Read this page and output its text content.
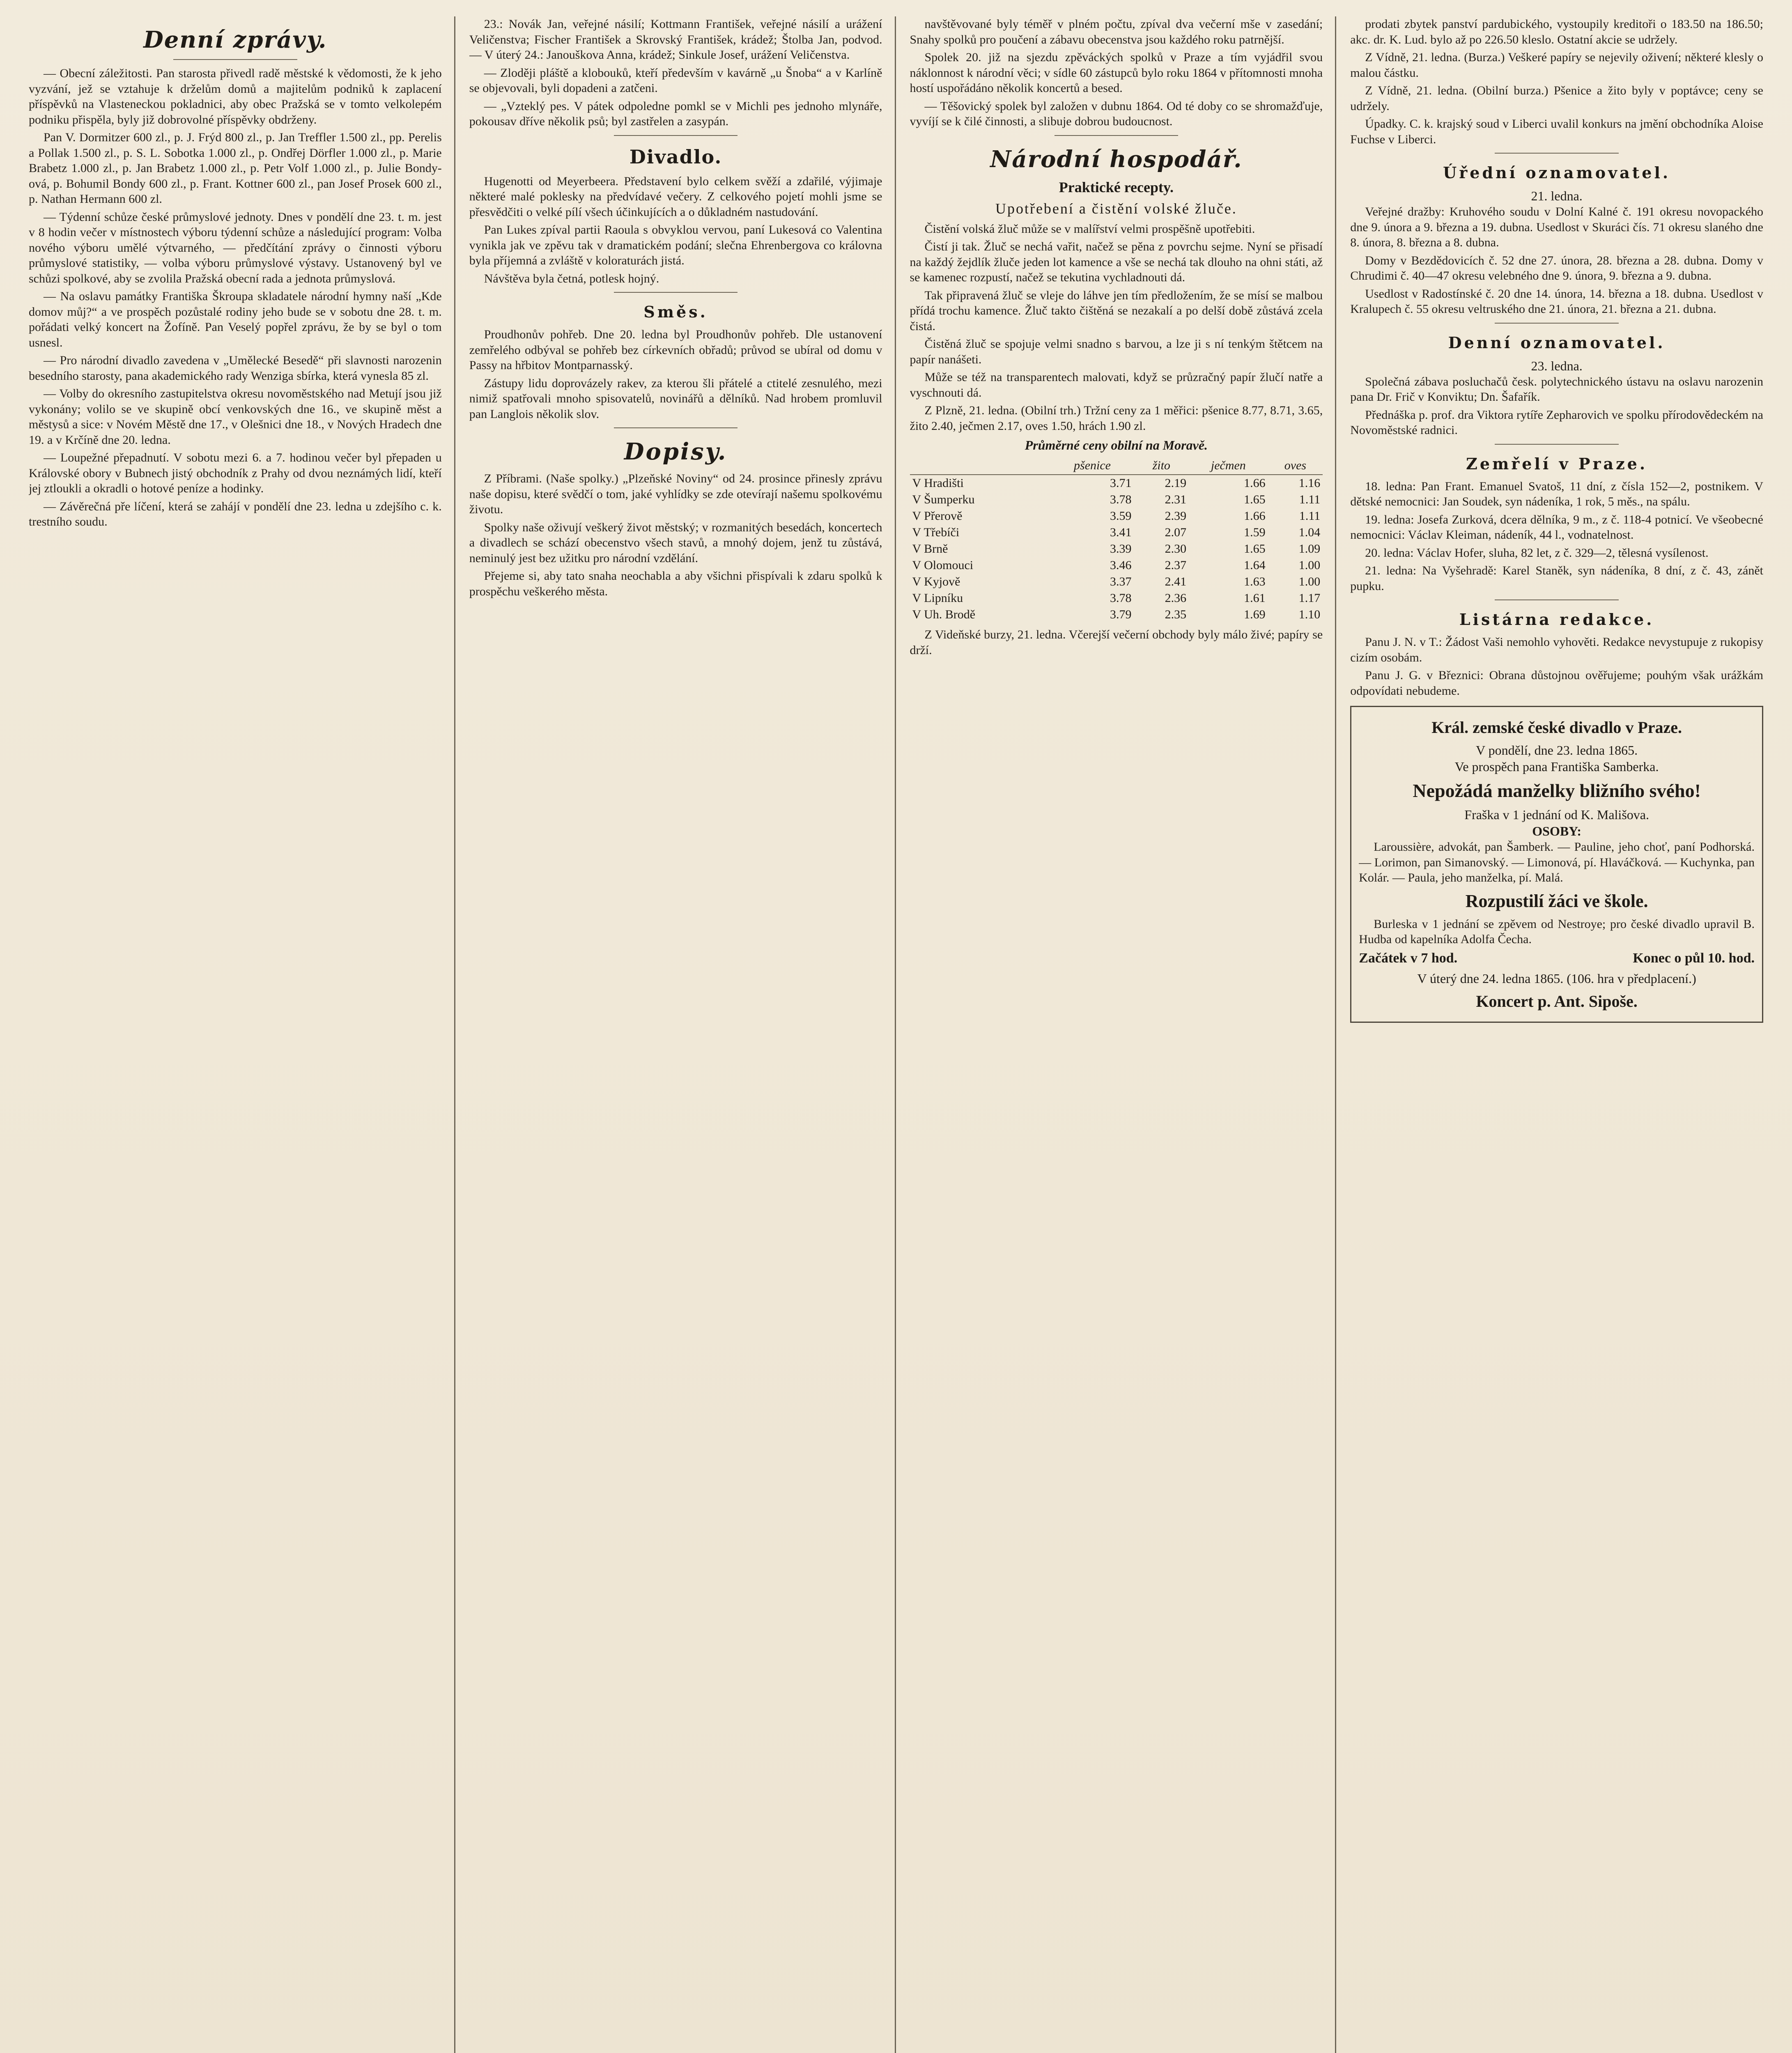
Denní zprávy.

— Obecní záležitosti. Pan starosta přivedl radě městské k vědomosti, že k jeho vyzvání, jež se vztahuje k drželům domů a majitelům podniků k zaplacení příspěvků na Vlasteneckou pokladnici, aby obec Pražská se v tomto velkolepém podniku přispěla, byly již dobrovolné příspěvky obdrženy.

Pan V. Dormitzer 600 zl., p. J. Frýd 800 zl., p. Jan Treffler 1.500 zl., pp. Perelis a Pollak 1.500 zl., p. S. L. Sobotka 1.000 zl., p. Ondřej Dörfler 1.000 zl., p. Marie Brabetz 1.000 zl., p. Jan Brabetz 1.000 zl., p. Petr Volf 1.000 zl., p. Julie Bondy-ová, p. Bohumil Bondy 600 zl., p. Frant. Kottner 600 zl., pan Josef Prosek 600 zl., p. Nathan Hermann 600 zl.

— Týdenní schůze české průmyslové jednoty. Dnes v pondělí dne 23. t. m. jest v 8 hodin večer v místnostech výboru týdenní schůze a následující program: Volba nového výboru umělé výtvarného, — předčítání zprávy o činnosti výboru průmyslové statistiky, — volba výboru průmyslové výstavy. Ustanovený byl ve schůzi spolkové, aby se zvolila Pražská obecní rada a jednota průmyslová.

— Na oslavu památky Františka Škroupa skladatele národní hymny naší „Kde domov můj?“ a ve prospěch pozůstalé rodiny jeho bude se v sobotu dne 28. t. m. pořádati velký koncert na Žofíně. Pan Veselý popřel zprávu, že by se byl o tom usnesl.

— Pro národní divadlo zavedena v „Umělecké Besedě“ při slavnosti narozenin besedního starosty, pana akademického rady Wenziga sbírka, která vynesla 85 zl.

— Volby do okresního zastupitelstva okresu novoměstského nad Metují jsou již vykonány; volilo se ve skupině obcí venkovských dne 16., ve skupině měst a městysů a sice: v Novém Městě dne 17., v Olešnici dne 18., v Nových Hradech dne 19. a v Krčíně dne 20. ledna.

— Loupežné přepadnutí. V sobotu mezi 6. a 7. hodinou večer byl přepaden u Královské obory v Bubnech jistý obchodník z Prahy od dvou neznámých lidí, kteří jej ztloukli a okradli o hotové peníze a hodinky.

— Závěrečná pře líčení, která se zahájí v pondělí dne 23. ledna u zdejšího c. k. trestního soudu.

23.: Novák Jan, veřejné násilí; Kottmann František, veřejné násilí a urážení Veličenstva; Fischer František a Skrovský František, krádež; Štolba Jan, podvod. — V úterý 24.: Janouškova Anna, krádež; Sinkule Josef, urážení Veličenstva.

— Zloději pláště a klobouků, kteří především v kavárně „u Šnoba“ a v Karlíně se objevovali, byli dopadeni a zatčeni.

— „Vzteklý pes. V pátek odpoledne pomkl se v Michli pes jednoho mlynáře, pokousav dříve několik psů; byl zastřelen a zasypán.

Divadlo.

Hugenotti od Meyerbeera. Představení bylo celkem svěží a zdařilé, výjimaje některé malé poklesky na předvídavé večery. Z celkového pojetí mohli jsme se přesvědčiti o velké pílí všech účinkujících a o důkladném nastudování.

Pan Lukes zpíval partii Raoula s obvyklou vervou, paní Lukesová co Valentina vynikla jak ve zpěvu tak v dramatickém podání; slečna Ehrenbergova co královna byla příjemná a zvláště v koloraturách jistá.

Návštěva byla četná, potlesk hojný.

Směs.

Proudhonův pohřeb. Dne 20. ledna byl Proudhonův pohřeb. Dle ustanovení zemřelého odbýval se pohřeb bez církevních obřadů; průvod se ubíral od domu v Passy na hřbitov Montparnasský.

Zástupy lidu doprovázely rakev, za kterou šli přátelé a ctitelé zesnulého, mezi nimiž spatřovali mnoho spisovatelů, novinářů a dělníků. Nad hrobem promluvil pan Langlois několik slov.

Dopisy.

Z Příbrami. (Naše spolky.) „Plzeňské Noviny“ od 24. prosince přinesly zprávu naše dopisu, které svědčí o tom, jaké vyhlídky se zde otevírají našemu spolkovému životu.

Spolky naše oživují veškerý život městský; v rozmanitých besedách, koncertech a divadlech se schází obecenstvo všech stavů, a mnohý dojem, jenž tu zůstává, neminulý jest bez užitku pro národní vzdělání.

Přejeme si, aby tato snaha neochabla a aby všichni přispívali k zdaru spolků k prospěchu veškerého města.

navštěvované byly téměř v plném počtu, zpíval dva večerní mše v zasedání; Snahy spolků pro poučení a zábavu obecenstva jsou každého roku patrnější.

Spolek 20. již na sjezdu zpěváckých spolků v Praze a tím vyjádřil svou náklonnost k národní věci; v sídle 60 zástupců bylo roku 1864 v přítomnosti mnoha hostí uspořádáno několik koncertů a besed.

— Těšovický spolek byl založen v dubnu 1864. Od té doby co se shromažďuje, vyvíjí se k čilé činnosti, a slibuje dobrou budoucnost.

Národní hospodář.
Praktické recepty.
Upotřebení a čistění volské žluče.

Čistění volská žluč může se v malířství velmi prospěšně upotřebiti.

Čistí ji tak. Žluč se nechá vařit, načež se pěna z povrchu sejme. Nyní se přisadí na každý žejdlík žluče jeden lot kamence a vše se nechá tak dlouho na ohni státi, až se kamenec rozpustí, načež se tekutina vychladnouti dá.

Tak připravená žluč se vleje do láhve jen tím předložením, že se mísí se malbou přídá trochu kamence. Žluč takto čištěná se nezakalí a po delší době zůstává zcela čistá.

Čistěná žluč se spojuje velmi snadno s barvou, a lze ji s ní tenkým štětcem na papír nanášeti.

Může se též na transparentech malovati, když se průzračný papír žlučí natře a vyschnouti dá.

Z Plzně, 21. ledna. (Obilní trh.) Tržní ceny za 1 měřici: pšenice 8.77, 8.71, 3.65, žito 2.40, ječmen 2.17, oves 1.50, hrách 1.90 zl.

Průměrné ceny obilní na Moravě.
	pšenice	žito	ječmen	oves
V Hradišti	3.71	2.19	1.66	1.16
V Šumperku	3.78	2.31	1.65	1.11
V Přerově	3.59	2.39	1.66	1.11
V Třebíči	3.41	2.07	1.59	1.04
V Brně	3.39	2.30	1.65	1.09
V Olomouci	3.46	2.37	1.64	1.00
V Kyjově	3.37	2.41	1.63	1.00
V Lipníku	3.78	2.36	1.61	1.17
V Uh. Brodě	3.79	2.35	1.69	1.10

Z Videňské burzy, 21. ledna. Včerejší večerní obchody byly málo živé; papíry se drží.

prodati zbytek panství pardubického, vystoupily kreditoři o 183.50 na 186.50; akc. dr. K. Lud. bylo až po 226.50 kleslo. Ostatní akcie se udržely.

Z Vídně, 21. ledna. (Burza.) Veškeré papíry se nejevily oživení; některé klesly o malou částku.

Z Vídně, 21. ledna. (Obilní burza.) Pšenice a žito byly v poptávce; ceny se udržely.

Úpadky. C. k. krajský soud v Liberci uvalil konkurs na jmění obchodníka Aloise Fuchse v Liberci.

Úřední oznamovatel.
21. ledna.

Veřejné dražby: Kruhového soudu v Dolní Kalné č. 191 okresu novopackého dne 9. února a 9. března a 19. dubna. Usedlost v Skuráci čís. 71 okresu slaného dne 8. února, 8. března a 8. dubna.

Domy v Bezdědovicích č. 52 dne 27. února, 28. března a 28. dubna. Domy v Chrudimi č. 40—47 okresu velebného dne 9. února, 9. března a 9. dubna.

Usedlost v Radostínské č. 20 dne 14. února, 14. března a 18. dubna. Usedlost v Kralupech č. 55 okresu veltruského dne 21. února, 21. března a 21. dubna.

Denní oznamovatel.
23. ledna.

Společná zábava posluchačů česk. polytechnického ústavu na oslavu narozenin pana Dr. Frič v Konviktu; Dn. Šafařík.

Přednáška p. prof. dra Viktora rytíře Zepharovich ve spolku přírodovědeckém na Novoměstské radnici.

Zemřelí v Praze.

18. ledna: Pan Frant. Emanuel Svatoš, 11 dní, z čísla 152—2, postnikem. V dětské nemocnici: Jan Soudek, syn nádeníka, 1 rok, 5 měs., na spálu.

19. ledna: Josefa Zurková, dcera dělníka, 9 m., z č. 118-4 potnicí. Ve všeobecné nemocnici: Václav Kleiman, nádeník, 44 l., vodnatelnost.

20. ledna: Václav Hofer, sluha, 82 let, z č. 329—2, tělesná vysílenost.

21. ledna: Na Vyšehradě: Karel Staněk, syn nádeníka, 8 dní, z č. 43, zánět pupku.

Listárna redakce.

Panu J. N. v T.: Žádost Vaši nemohlo vyhověti. Redakce nevystupuje z rukopisy cizím osobám.

Panu J. G. v Březnici: Obrana důstojnou ověřujeme; pouhým však urážkám odpovídati nebudeme.

Král. zemské české divadlo v Praze.
V pondělí, dne 23. ledna 1865.
Ve prospěch pana Františka Samberka.
Nepožádá manželky bližního svého!
Fraška v 1 jednání od K. Mališova.
OSOBY:

Laroussière, advokát, pan Šamberk. — Pauline, jeho choť, paní Podhorská. — Lorimon, pan Simanovský. — Limonová, pí. Hlaváčková. — Kuchynka, pan Kolár. — Paula, jeho manželka, pí. Malá.

Rozpustilí žáci ve škole.

Burleska v 1 jednání se zpěvem od Nestroye; pro české divadlo upravil B. Hudba od kapelníka Adolfa Čecha.

Začátek v 7 hod.	Konec o půl 10. hod.
V úterý dne 24. ledna 1865. (106. hra v předplacení.)
Koncert p. Ant. Sipoše.
